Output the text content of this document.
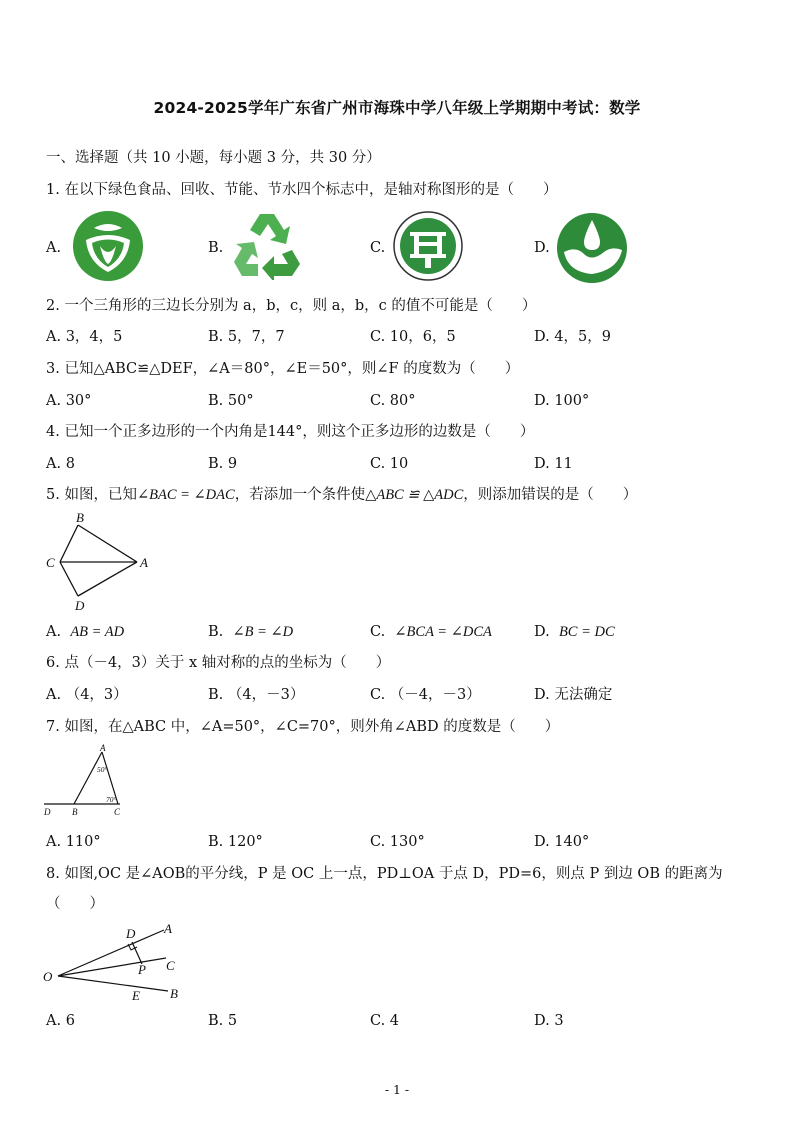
2024-2025学年广东省广州市海珠中学八年级上学期期中考试：数学
一、选择题（共 10 小题，每小题 3 分，共 30 分）
1. 在以下绿色食品、回收、节能、节水四个标志中，是轴对称图形的是（　　）
A.	B.	C.	D.
2. 一个三角形的三边长分别为 a，b，c，则 a，b，c 的值不可能是（　　）
A. 3，4，5	B. 5，7，7	C. 10，6，5	D. 4，5，9
3. 已知△ABC≌△DEF，∠A＝80°，∠E＝50°，则∠F 的度数为（　　）
A. 30°	B. 50°	C. 80°	D. 100°
4. 已知一个正多边形的一个内角是144°，则这个正多边形的边数是（　　）
A. 8	B. 9	C. 10	D. 11
5. 如图，已知∠BAC = ∠DAC，若添加一个条件使△ABC ≌ △ADC，则添加错误的是（　　）
B
C	A
D
A. AB = AD	B. ∠B = ∠D	C. ∠BCA = ∠DCA	D. BC = DC
6. 点（－4，3）关于 x 轴对称的点的坐标为（　　）
A. （4，3）	B. （4，－3）	C. （－4，－3）	D. 无法确定
7. 如图，在△ABC 中，∠A=50°，∠C=70°，则外角∠ABD 的度数是（　　）
A
D B	C
50°
70°
A. 110°	B. 120°	C. 130°	D. 140°
8. 如图,OC 是∠AOB的平分线，P 是 OC 上一点，PD⊥OA 于点 D，PD=6，则点 P 到边 OB 的距离为
（　　）
D A
O	P C
E B
A. 6	B. 5	C. 4	D. 3
- 1 -
